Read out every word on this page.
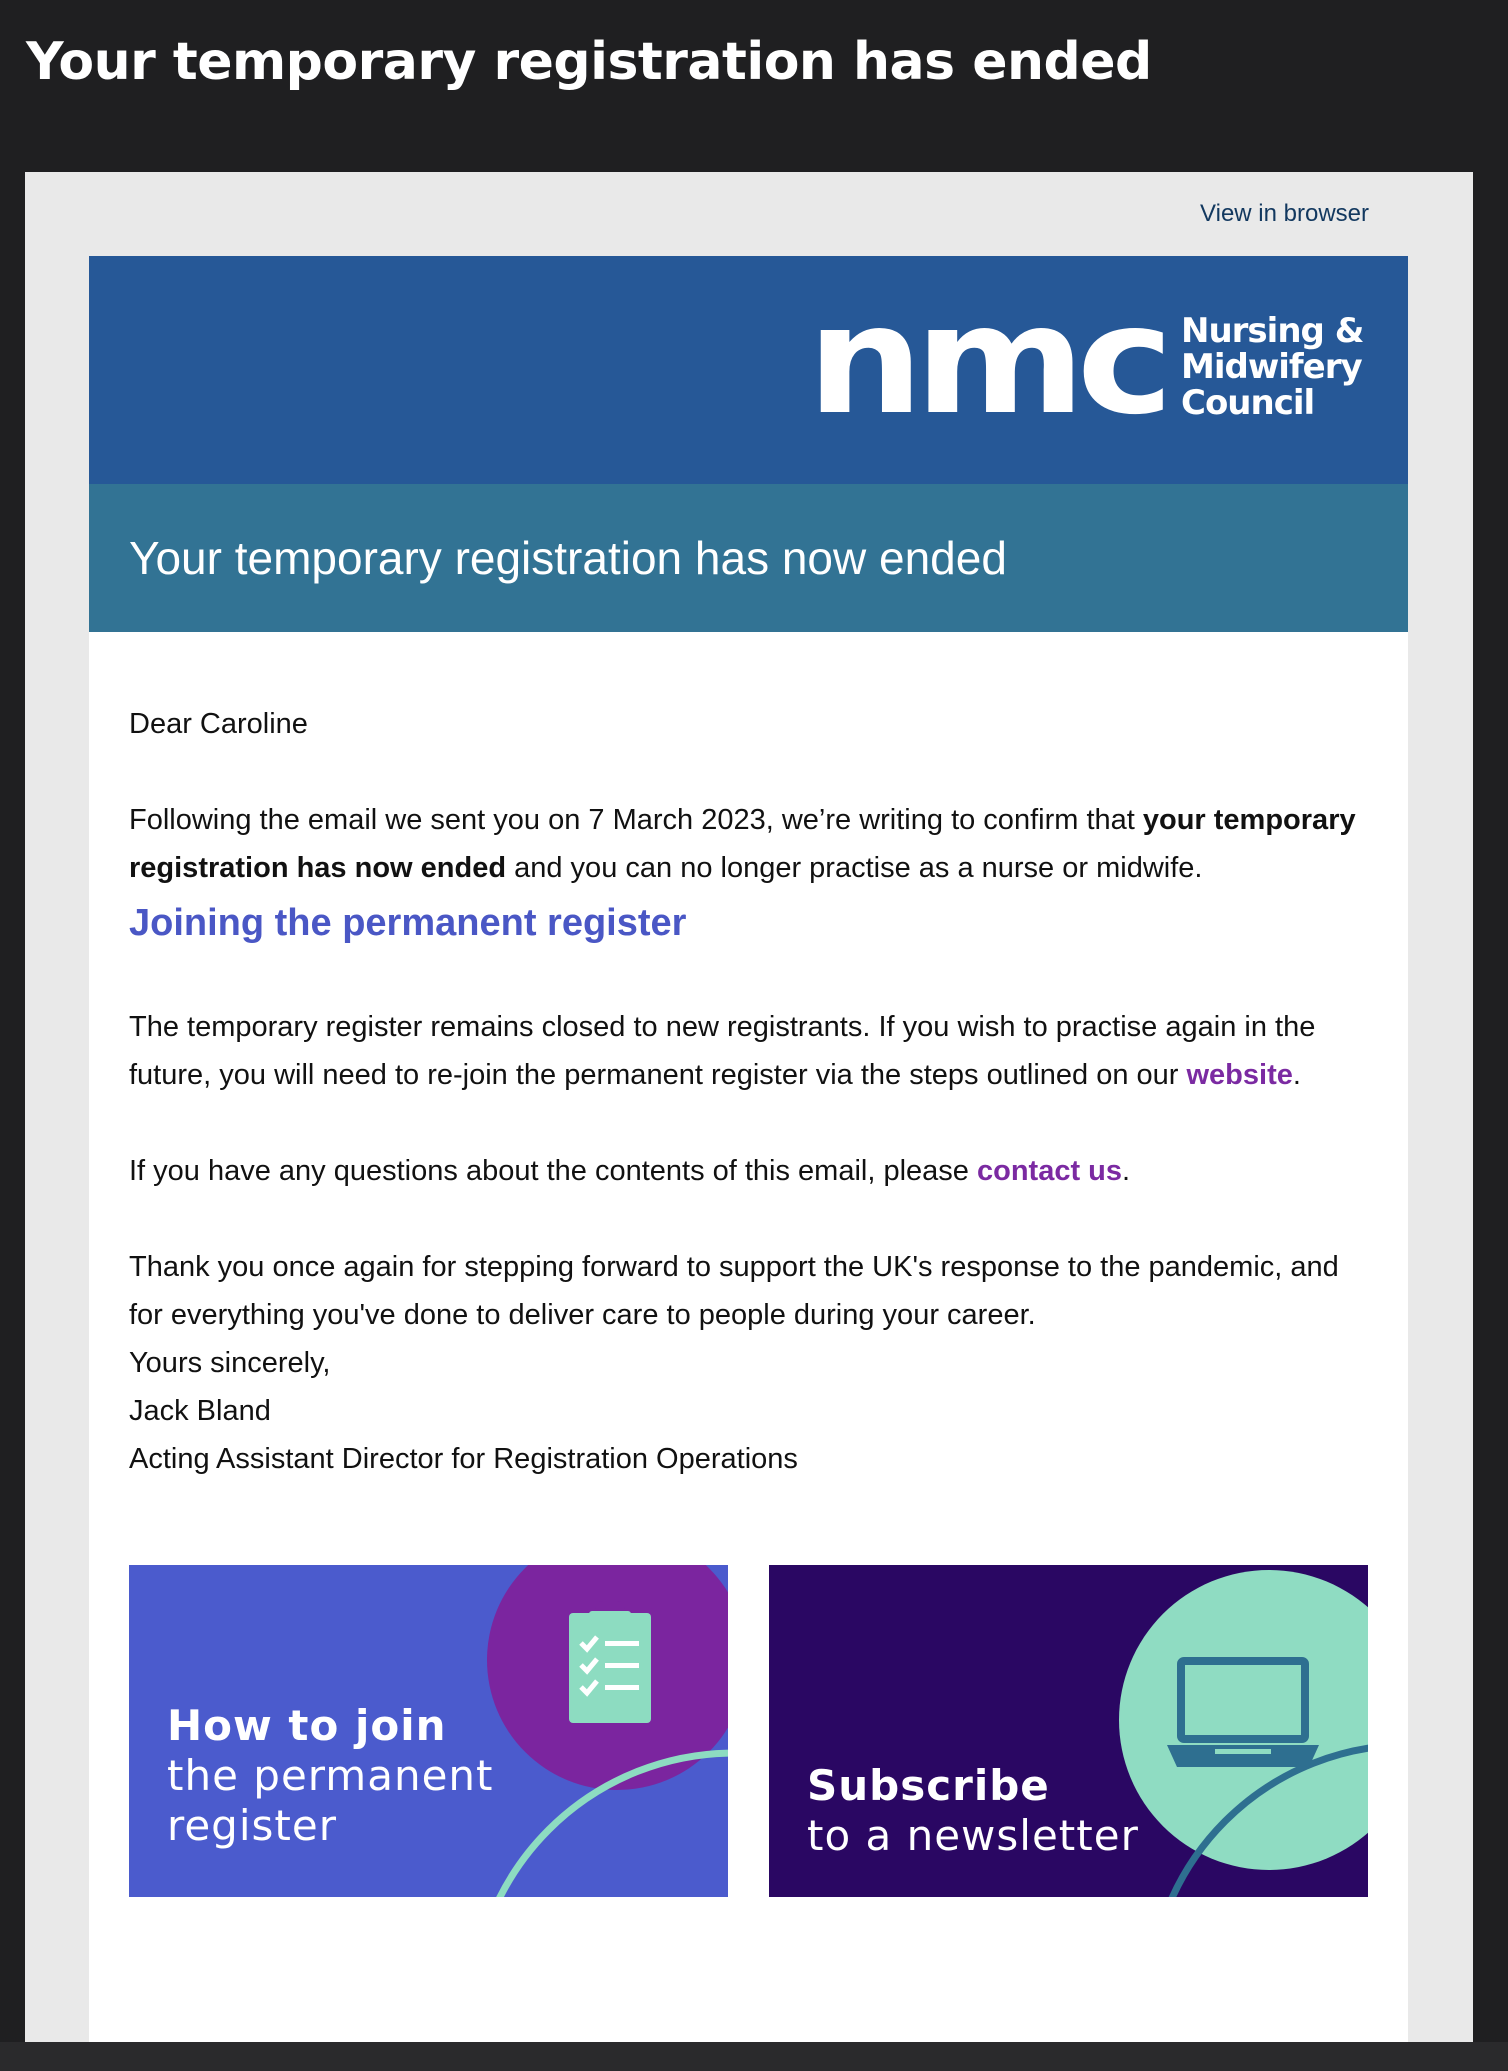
Your temporary registration has ended
View in browser
nmc Nursing &
Midwifery
Council
Your temporary registration has now ended

Dear Caroline

Following the email we sent you on 7 March 2023, we’re writing to confirm that your temporary registration has now ended and you can no longer practise as a nurse or midwife.

Joining the permanent register

The temporary register remains closed to new registrants. If you wish to practise again in the future, you will need to re-join the permanent register via the steps outlined on our website.

If you have any questions about the contents of this email, please contact us.

Thank you once again for stepping forward to support the UK's response to the pandemic, and for everything you've done to deliver care to people during your career.

Yours sincerely,

Jack Bland

Acting Assistant Director for Registration Operations

How to join
the permanent
register
Subscribe
to a newsletter
